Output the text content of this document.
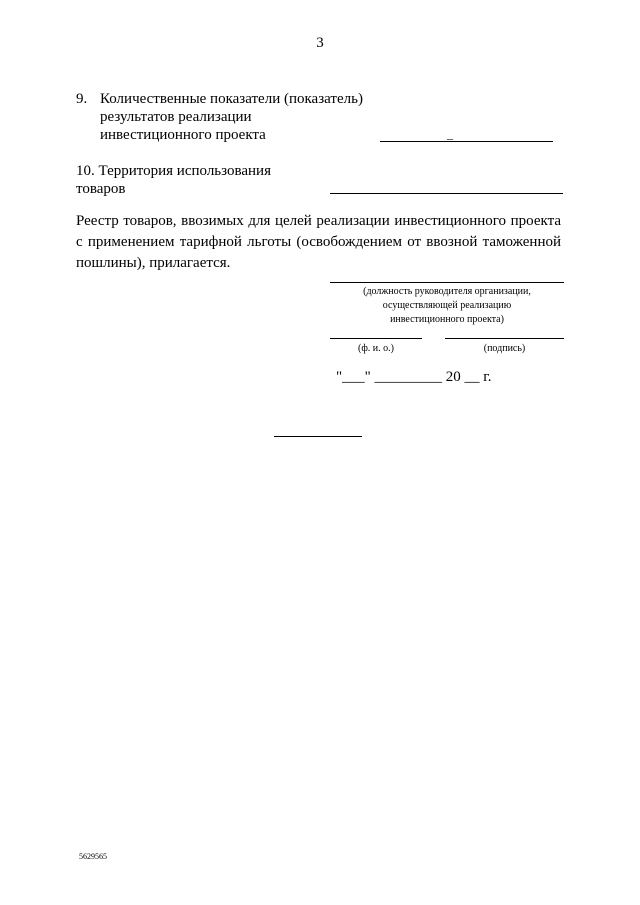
3
9. Количественные показатели (показатель)
результатов реализации
инвестиционного проекта	_
10. Территория использования
товаров
Реестр товаров, ввозимых для целей реализации инвестиционного проекта
с применением тарифной льготы (освобождением от ввозной таможенной
пошлины), прилагается.
(должность руководителя организации,
осуществляющей реализацию
инвестиционного проекта)
(ф. и. о.)	(подпись)
"___" _________ 20 __ г.
5629565
